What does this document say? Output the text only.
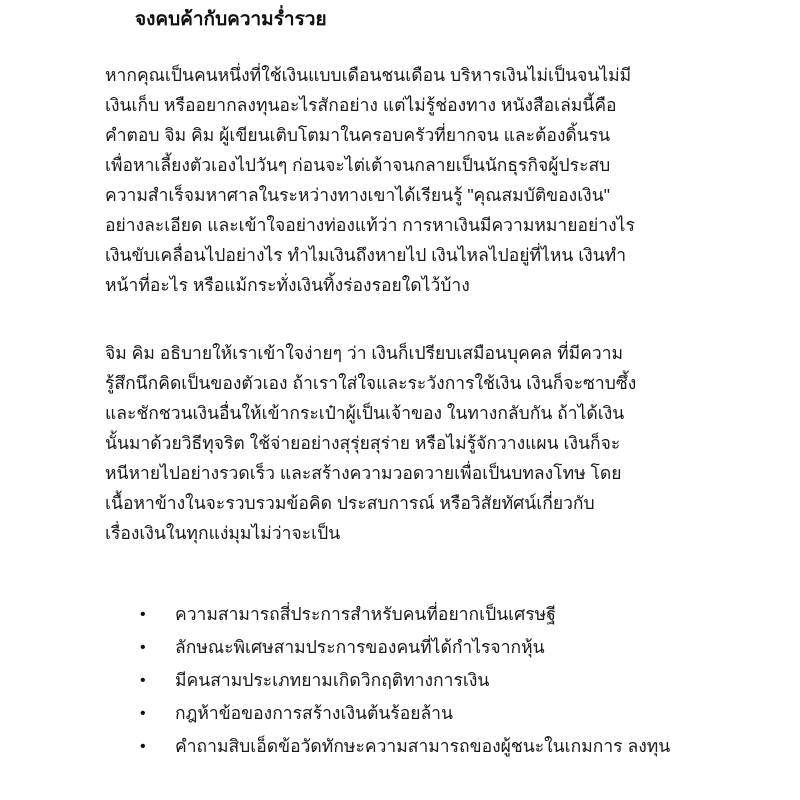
จงคบค้ากับความร่ำรวย
หากคุณเป็นคนหนึ่งที่ใช้เงินแบบเดือนชนเดือน บริหารเงินไม่เป็นจนไม่มี
เงินเก็บ หรืออยากลงทุนอะไรสักอย่าง แต่ไม่รู้ช่องทาง หนังสือเล่มนี้คือ
คำตอบ จิม คิม ผู้เขียนเติบโตมาในครอบครัวที่ยากจน และต้องดิ้นรน
เพื่อหาเลี้ยงตัวเองไปวันๆ ก่อนจะไต่เต้าจนกลายเป็นนักธุรกิจผู้ประสบ
ความสำเร็จมหาศาลในระหว่างทางเขาได้เรียนรู้ "คุณสมบัติของเงิน"
อย่างละเอียด และเข้าใจอย่างท่องแท้ว่า การหาเงินมีความหมายอย่างไร
เงินขับเคลื่อนไปอย่างไร ทำไมเงินถึงหายไป เงินไหลไปอยู่ที่ไหน เงินทำ
หน้าที่อะไร หรือแม้กระทั่งเงินทิ้งร่องรอยใดไว้บ้าง
จิม คิม อธิบายให้เราเข้าใจง่ายๆ ว่า เงินก็เปรียบเสมือนบุคคล ที่มีความ
รู้สึกนึกคิดเป็นของตัวเอง ถ้าเราใส่ใจและระวังการใช้เงิน เงินก็จะซาบซึ้ง
และชักชวนเงินอื่นให้เข้ากระเป๋าผู้เป็นเจ้าของ ในทางกลับกัน ถ้าได้เงิน
นั้นมาด้วยวิธีทุจริต ใช้จ่ายอย่างสุรุ่ยสุร่าย หรือไม่รู้จักวางแผน เงินก็จะ
หนีหายไปอย่างรวดเร็ว และสร้างความวอดวายเพื่อเป็นบทลงโทษ โดย
เนื้อหาข้างในจะรวบรวมข้อคิด ประสบการณ์ หรือวิสัยทัศน์เกี่ยวกับ
เรื่องเงินในทุกแง่มุมไม่ว่าจะเป็น
•	ความสามารถสี่ประการสำหรับคนที่อยากเป็นเศรษฐี
•	ลักษณะพิเศษสามประการของคนที่ได้กำไรจากหุ้น
•	มีคนสามประเภทยามเกิดวิกฤติทางการเงิน
•	กฎห้าข้อของการสร้างเงินต้นร้อยล้าน
•	คำถามสิบเอ็ดข้อวัดทักษะความสามารถของผู้ชนะในเกมการ ลงทุน
